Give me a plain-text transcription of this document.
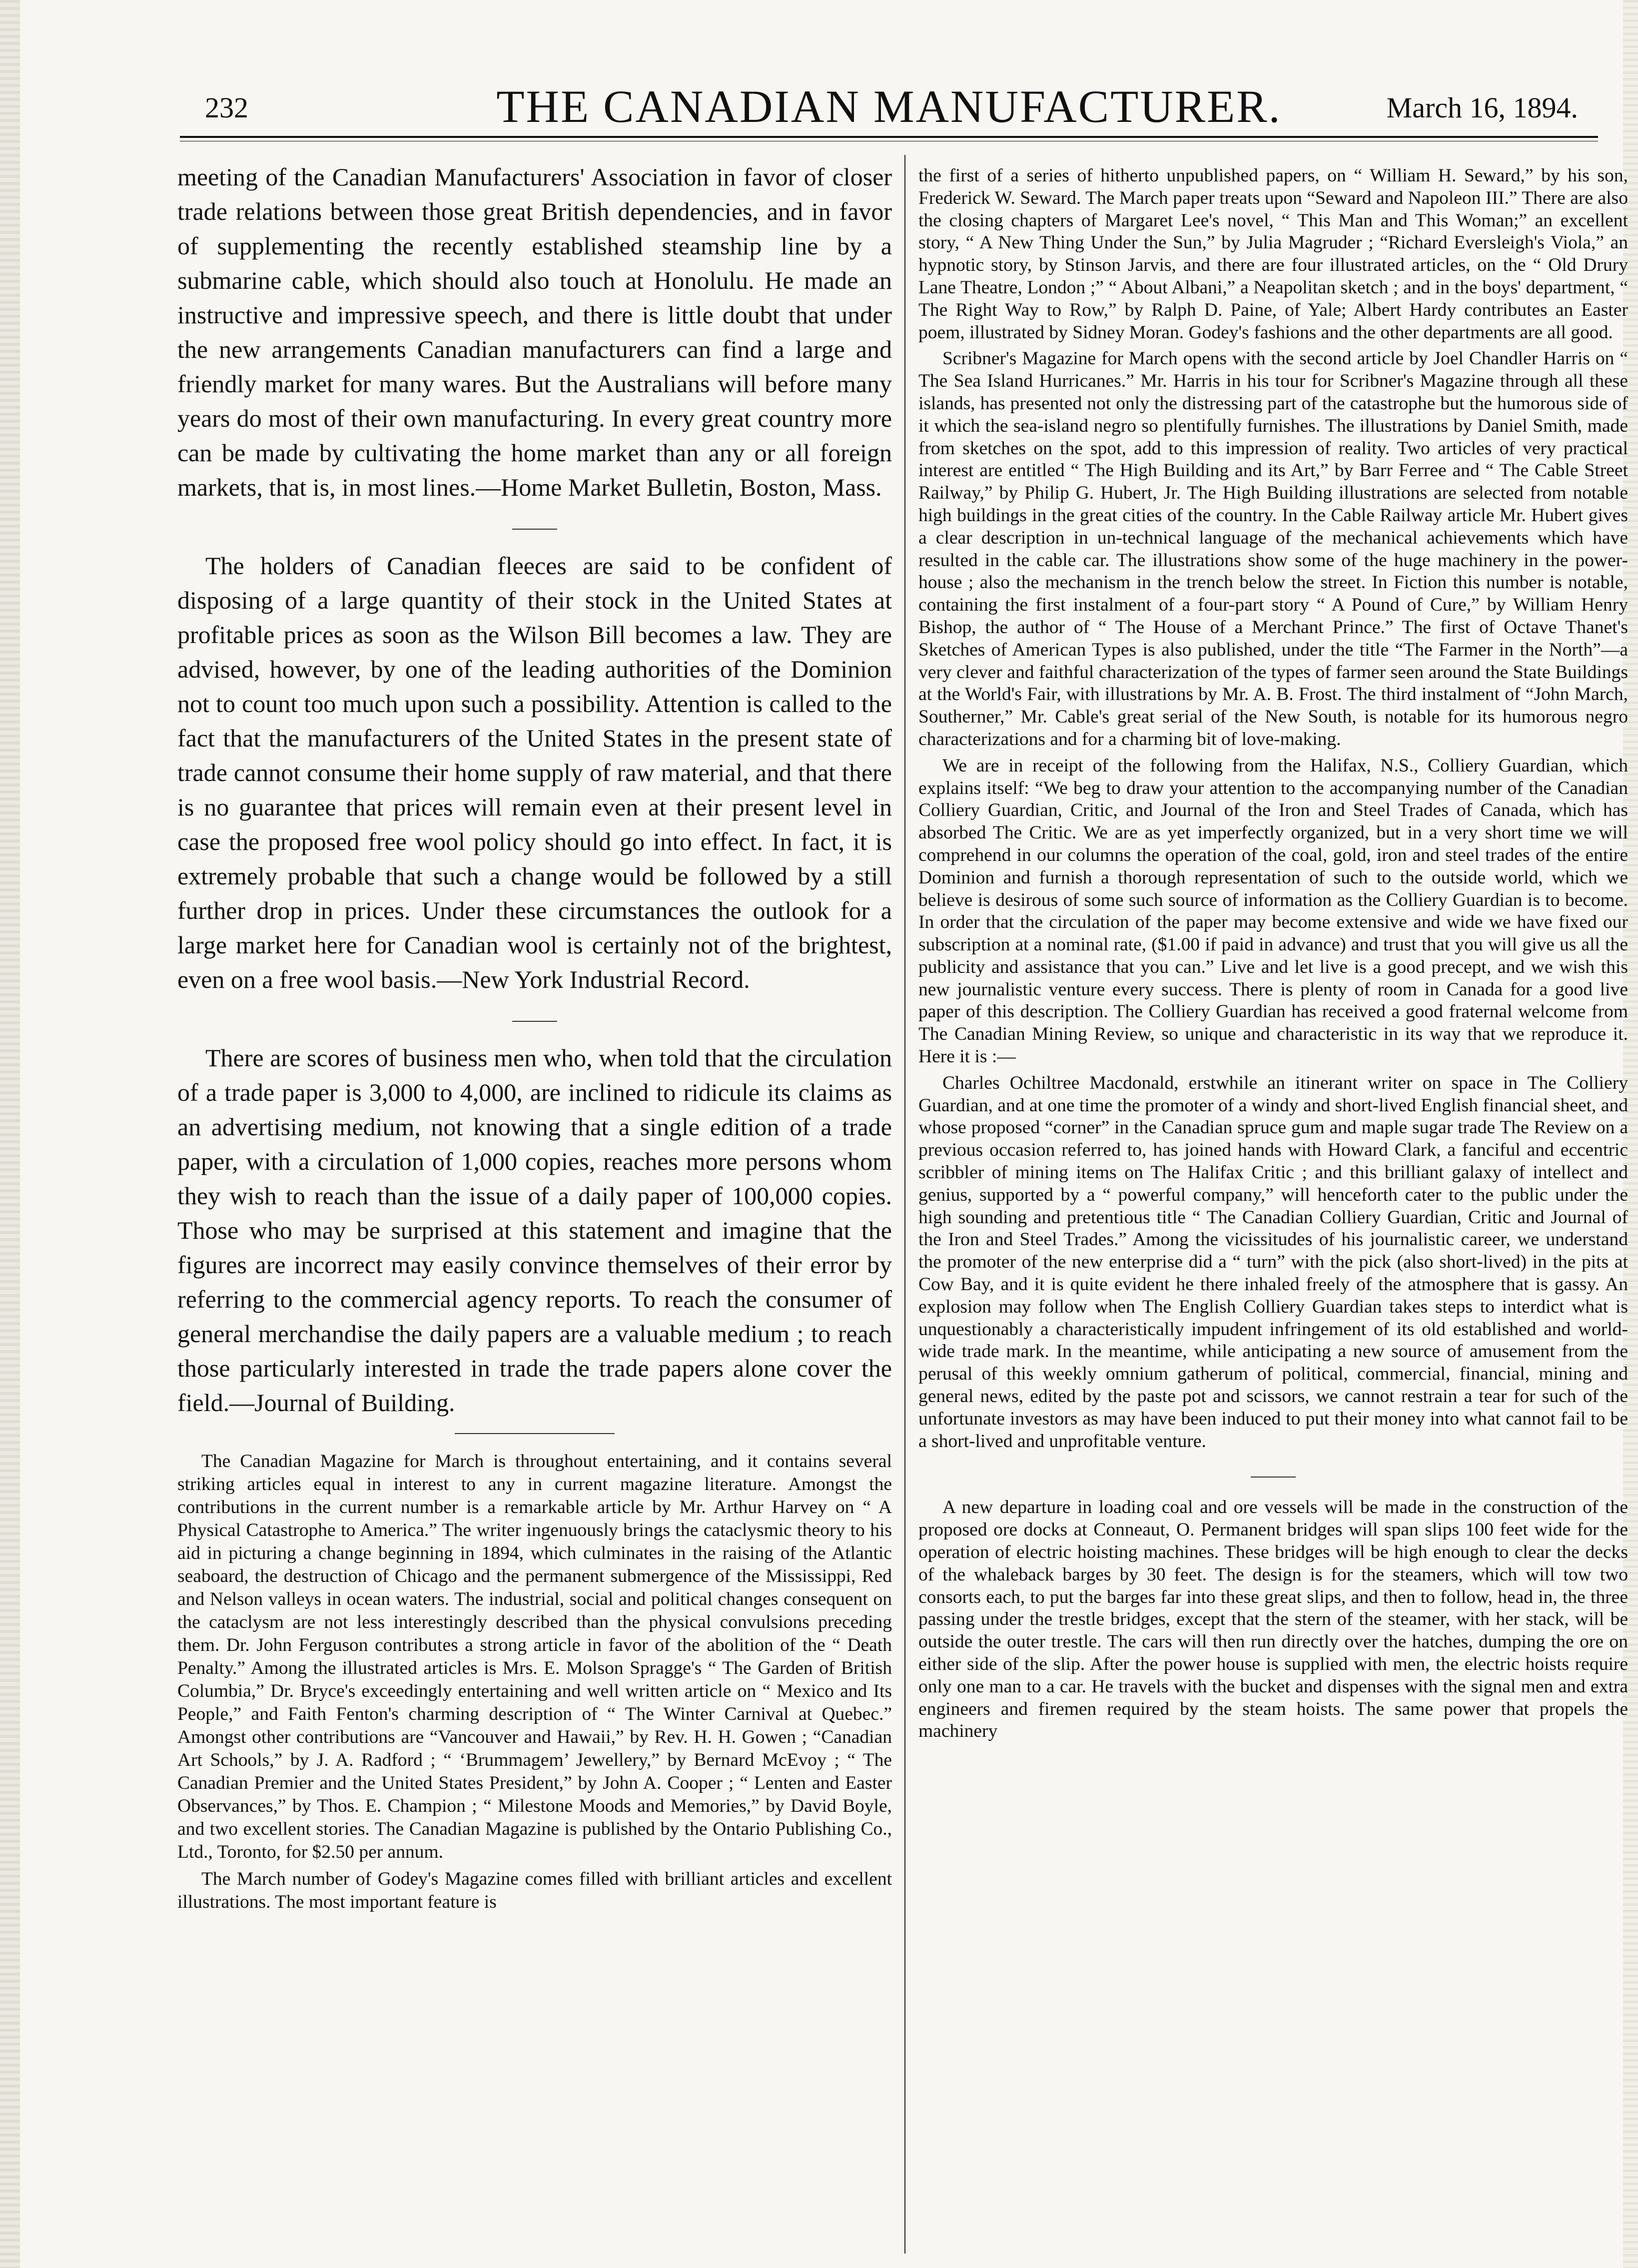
232	THE CANADIAN MANUFACTURER.	March 16, 1894.

meeting of the Canadian Manufacturers' Association in favor of closer trade relations between those great British dependencies, and in favor of supplementing the recently established steamship line by a submarine cable, which should also touch at Honolulu. He made an instructive and impressive speech, and there is little doubt that under the new arrangements Canadian manufacturers can find a large and friendly market for many wares. But the Australians will before many years do most of their own manufacturing. In every great country more can be made by cultivating the home market than any or all foreign markets, that is, in most lines.—Home Market Bulletin, Boston, Mass.

The holders of Canadian fleeces are said to be confident of disposing of a large quantity of their stock in the United States at profitable prices as soon as the Wilson Bill becomes a law. They are advised, however, by one of the leading authorities of the Dominion not to count too much upon such a possibility. Attention is called to the fact that the manufacturers of the United States in the present state of trade cannot consume their home supply of raw material, and that there is no guarantee that prices will remain even at their present level in case the proposed free wool policy should go into effect. In fact, it is extremely probable that such a change would be followed by a still further drop in prices. Under these circumstances the outlook for a large market here for Canadian wool is certainly not of the brightest, even on a free wool basis.—New York Industrial Record.

There are scores of business men who, when told that the circulation of a trade paper is 3,000 to 4,000, are inclined to ridicule its claims as an advertising medium, not knowing that a single edition of a trade paper, with a circulation of 1,000 copies, reaches more persons whom they wish to reach than the issue of a daily paper of 100,000 copies. Those who may be surprised at this statement and imagine that the figures are incorrect may easily convince themselves of their error by referring to the commercial agency reports. To reach the consumer of general merchandise the daily papers are a valuable medium ; to reach those particularly interested in trade the trade papers alone cover the field.—Journal of Building.

The Canadian Magazine for March is throughout entertaining, and it contains several striking articles equal in interest to any in current magazine literature. Amongst the contributions in the current number is a remarkable article by Mr. Arthur Harvey on “ A Physical Catastrophe to America.” The writer ingenuously brings the cataclysmic theory to his aid in picturing a change beginning in 1894, which culminates in the raising of the Atlantic seaboard, the destruction of Chicago and the permanent submergence of the Mississippi, Red and Nelson valleys in ocean waters. The industrial, social and political changes consequent on the cataclysm are not less interestingly described than the physical convulsions preceding them. Dr. John Ferguson contributes a strong article in favor of the abolition of the “ Death Penalty.” Among the illustrated articles is Mrs. E. Molson Spragge's “ The Garden of British Columbia,” Dr. Bryce's exceedingly entertaining and well written article on “ Mexico and Its People,” and Faith Fenton's charming description of “ The Winter Carnival at Quebec.” Amongst other contributions are “Vancouver and Hawaii,” by Rev. H. H. Gowen ; “Canadian Art Schools,” by J. A. Radford ; “ ‘Brummagem’ Jewellery,” by Bernard McEvoy ; “ The Canadian Premier and the United States President,” by John A. Cooper ; “ Lenten and Easter Observances,” by Thos. E. Champion ; “ Milestone Moods and Memories,” by David Boyle, and two excellent stories. The Canadian Magazine is published by the Ontario Publishing Co., Ltd., Toronto, for $2.50 per annum.

The March number of Godey's Magazine comes filled with brilliant articles and excellent illustrations. The most important feature is

the first of a series of hitherto unpublished papers, on “ William H. Seward,” by his son, Frederick W. Seward. The March paper treats upon “Seward and Napoleon III.” There are also the closing chapters of Margaret Lee's novel, “ This Man and This Woman;” an excellent story, “ A New Thing Under the Sun,” by Julia Magruder ; “Richard Eversleigh's Viola,” an hypnotic story, by Stinson Jarvis, and there are four illustrated articles, on the “ Old Drury Lane Theatre, London ;” “ About Albani,” a Neapolitan sketch ; and in the boys' department, “ The Right Way to Row,” by Ralph D. Paine, of Yale; Albert Hardy contributes an Easter poem, illustrated by Sidney Moran. Godey's fashions and the other departments are all good.

Scribner's Magazine for March opens with the second article by Joel Chandler Harris on “ The Sea Island Hurricanes.” Mr. Harris in his tour for Scribner's Magazine through all these islands, has presented not only the distressing part of the catastrophe but the humorous side of it which the sea-island negro so plentifully furnishes. The illustrations by Daniel Smith, made from sketches on the spot, add to this impression of reality. Two articles of very practical interest are entitled “ The High Building and its Art,” by Barr Ferree and “ The Cable Street Railway,” by Philip G. Hubert, Jr. The High Building illustrations are selected from notable high buildings in the great cities of the country. In the Cable Railway article Mr. Hubert gives a clear description in un-technical language of the mechanical achievements which have resulted in the cable car. The illustrations show some of the huge machinery in the power-house ; also the mechanism in the trench below the street. In Fiction this number is notable, containing the first instalment of a four-part story “ A Pound of Cure,” by William Henry Bishop, the author of “ The House of a Merchant Prince.” The first of Octave Thanet's Sketches of American Types is also published, under the title “The Farmer in the North”—a very clever and faithful characterization of the types of farmer seen around the State Buildings at the World's Fair, with illustrations by Mr. A. B. Frost. The third instalment of “John March, Southerner,” Mr. Cable's great serial of the New South, is notable for its humorous negro characterizations and for a charming bit of love-making.

We are in receipt of the following from the Halifax, N.S., Colliery Guardian, which explains itself: “We beg to draw your attention to the accompanying number of the Canadian Colliery Guardian, Critic, and Journal of the Iron and Steel Trades of Canada, which has absorbed The Critic. We are as yet imperfectly organized, but in a very short time we will comprehend in our columns the operation of the coal, gold, iron and steel trades of the entire Dominion and furnish a thorough representation of such to the outside world, which we believe is desirous of some such source of information as the Colliery Guardian is to become. In order that the circulation of the paper may become extensive and wide we have fixed our subscription at a nominal rate, ($1.00 if paid in advance) and trust that you will give us all the publicity and assistance that you can.” Live and let live is a good precept, and we wish this new journalistic venture every success. There is plenty of room in Canada for a good live paper of this description. The Colliery Guardian has received a good fraternal welcome from The Canadian Mining Review, so unique and characteristic in its way that we reproduce it. Here it is :—

Charles Ochiltree Macdonald, erstwhile an itinerant writer on space in The Colliery Guardian, and at one time the promoter of a windy and short-lived English financial sheet, and whose proposed “corner” in the Canadian spruce gum and maple sugar trade The Review on a previous occasion referred to, has joined hands with Howard Clark, a fanciful and eccentric scribbler of mining items on The Halifax Critic ; and this brilliant galaxy of intellect and genius, supported by a “ powerful company,” will henceforth cater to the public under the high sounding and pretentious title “ The Canadian Colliery Guardian, Critic and Journal of the Iron and Steel Trades.” Among the vicissitudes of his journalistic career, we understand the promoter of the new enterprise did a “ turn” with the pick (also short-lived) in the pits at Cow Bay, and it is quite evident he there inhaled freely of the atmosphere that is gassy. An explosion may follow when The English Colliery Guardian takes steps to interdict what is unquestionably a characteristically impudent infringement of its old established and world-wide trade mark. In the meantime, while anticipating a new source of amusement from the perusal of this weekly omnium gatherum of political, commercial, financial, mining and general news, edited by the paste pot and scissors, we cannot restrain a tear for such of the unfortunate investors as may have been induced to put their money into what cannot fail to be a short-lived and unprofitable venture.

A new departure in loading coal and ore vessels will be made in the construction of the proposed ore docks at Conneaut, O. Permanent bridges will span slips 100 feet wide for the operation of electric hoisting machines. These bridges will be high enough to clear the decks of the whaleback barges by 30 feet. The design is for the steamers, which will tow two consorts each, to put the barges far into these great slips, and then to follow, head in, the three passing under the trestle bridges, except that the stern of the steamer, with her stack, will be outside the outer trestle. The cars will then run directly over the hatches, dumping the ore on either side of the slip. After the power house is supplied with men, the electric hoists require only one man to a car. He travels with the bucket and dispenses with the signal men and extra engineers and firemen required by the steam hoists. The same power that propels the machinery
